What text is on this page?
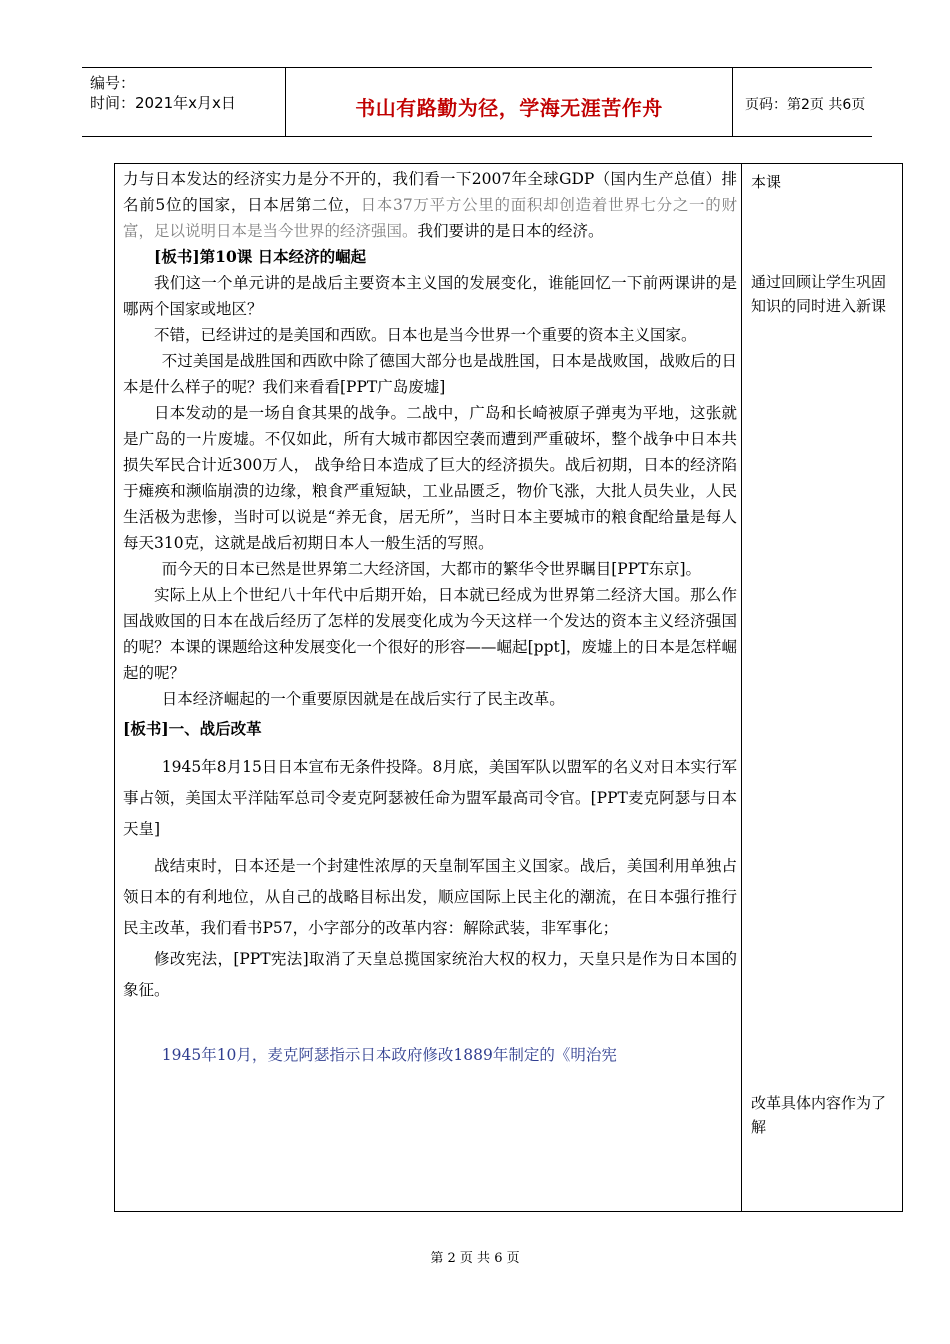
编号：
时间：2021年x月x日	书山有路勤为径，学海无涯苦作舟	页码：第2页 共6页

力与日本发达的经济实力是分不开的，我们看一下2007年全球GDP（国内生产总值）排名前5位的国家，日本居第二位，日本37万平方公里的面积却创造着世界七分之一的财富，足以说明日本是当今世界的经济强国。我们要讲的是日本的经济。

[板书]第10课 日本经济的崛起

我们这一个单元讲的是战后主要资本主义国的发展变化，谁能回忆一下前两课讲的是哪两个国家或地区？

不错，已经讲过的是美国和西欧。日本也是当今世界一个重要的资本主义国家。

不过美国是战胜国和西欧中除了德国大部分也是战胜国，日本是战败国，战败后的日本是什么样子的呢？我们来看看[PPT广岛废墟]

日本发动的是一场自食其果的战争。二战中，广岛和长崎被原子弹夷为平地，这张就是广岛的一片废墟。不仅如此，所有大城市都因空袭而遭到严重破坏，整个战争中日本共损失军民合计近300万人， 战争给日本造成了巨大的经济损失。战后初期，日本的经济陷于瘫痪和濒临崩溃的边缘，粮食严重短缺，工业品匮乏，物价飞涨，大批人员失业，人民生活极为悲惨，当时可以说是“养无食，居无所”，当时日本主要城市的粮食配给量是每人每天310克，这就是战后初期日本人一般生活的写照。

而今天的日本已然是世界第二大经济国，大都市的繁华令世界瞩目[PPT东京]。

实际上从上个世纪八十年代中后期开始，日本就已经成为世界第二经济大国。那么作国战败国的日本在战后经历了怎样的发展变化成为今天这样一个发达的资本主义经济强国的呢？本课的课题给这种发展变化一个很好的形容——崛起[ppt]，废墟上的日本是怎样崛起的呢？

日本经济崛起的一个重要原因就是在战后实行了民主改革。

[板书]一、战后改革

1945年8月15日日本宣布无条件投降。8月底，美国军队以盟军的名义对日本实行军事占领，美国太平洋陆军总司令麦克阿瑟被任命为盟军最高司令官。[PPT麦克阿瑟与日本天皇]

战结束时，日本还是一个封建性浓厚的天皇制军国主义国家。战后，美国利用单独占领日本的有利地位，从自己的战略目标出发，顺应国际上民主化的潮流，在日本强行推行民主改革，我们看书P57，小字部分的改革内容：解除武装，非军事化；

修改宪法，[PPT宪法]取消了天皇总揽国家统治大权的权力，天皇只是作为日本国的象征。

1945年10月，麦克阿瑟指示日本政府修改1889年制定的《明治宪

本课
通过回顾让学生巩固知识的同时进入新课
改革具体内容作为了解
第 2 页 共 6 页
